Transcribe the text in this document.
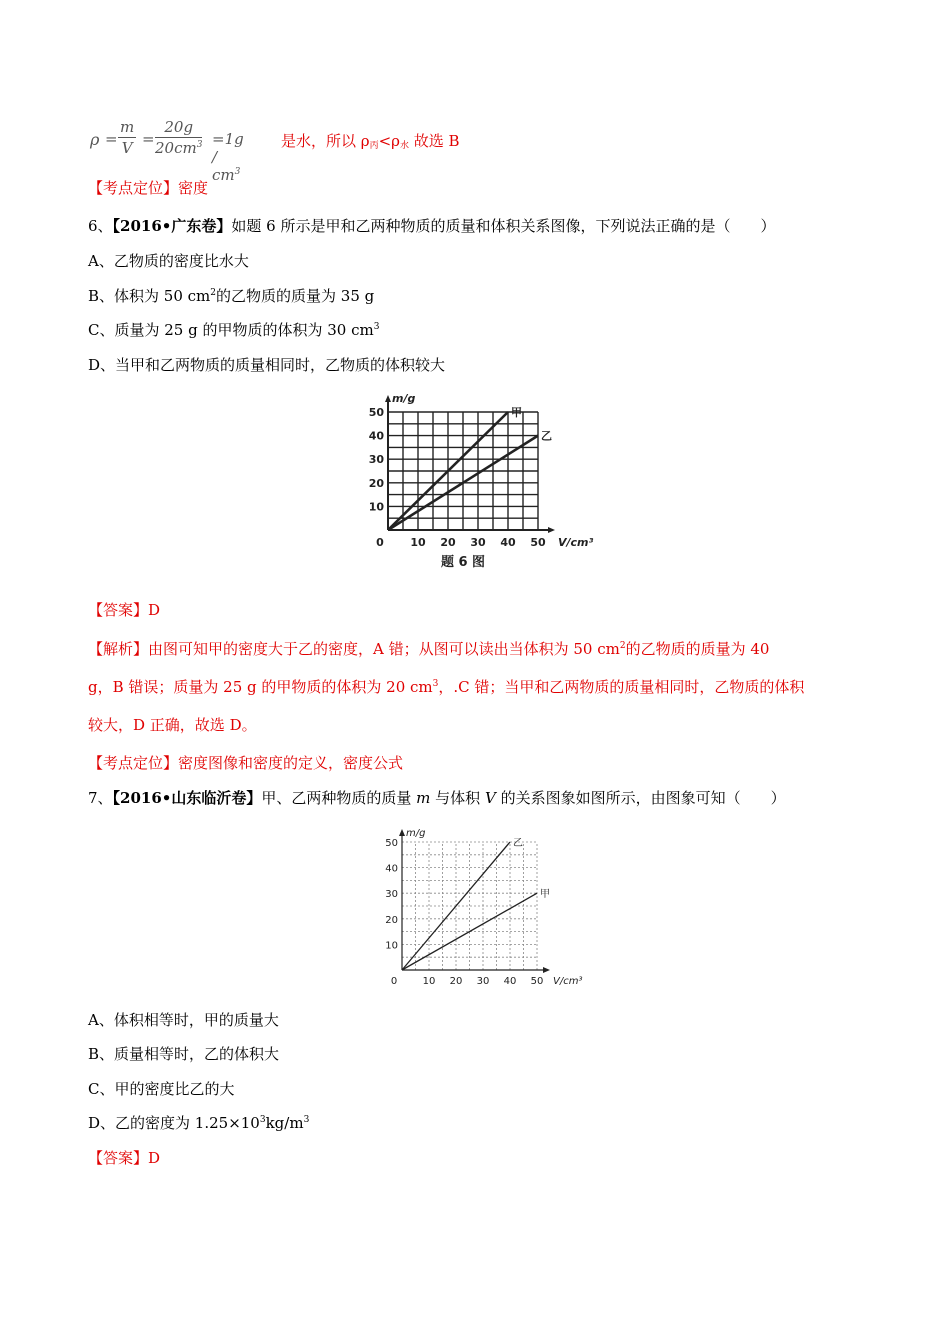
$\rho = \frac{m}{V} = \frac{20g}{20cm^3} =1g / cm^3$
是水，所以 $\rho_丙<\rho_水$ 故选 B
【考点定位】密度
6、【2016•广东卷】如题 6 所示是甲和乙两种物质的质量和体积关系图像，下列说法正确的是（　　）
A、乙物质的密度比水大
B、体积为 50 $cm^2$的乙物质的质量为 35 g
C、质量为 25 g 的甲物质的体积为 30 $cm^3$
D、当甲和乙两物质的质量相同时，乙物质的体积较大
0 10 20 30 40 50
10
20
30
40
50
m/g
V/cm³
甲
乙
题 6 图
【答案】D
【解析】由图可知甲的密度大于乙的密度，A 错；从图可以读出当体积为 50 $cm^2$的乙物质的质量为 40
g，B 错误；质量为 25 g 的甲物质的体积为 20 $cm^3$，.C 错；当甲和乙两物质的质量相同时，乙物质的体积
较大，D 正确，故选 D。
【考点定位】密度图像和密度的定义，密度公式
7、【2016•山东临沂卷】甲、乙两种物质的质量 m 与体积 V 的关系图象如图所示，由图象可知（　　）
0	10 20 30 40 50
10
20
30
40
50
m/g
V/cm³
乙
甲
A、体积相等时，甲的质量大
B、质量相等时，乙的体积大
C、甲的密度比乙的大
D、乙的密度为 $1.25\times 10^3kg/m^3$
【答案】D
